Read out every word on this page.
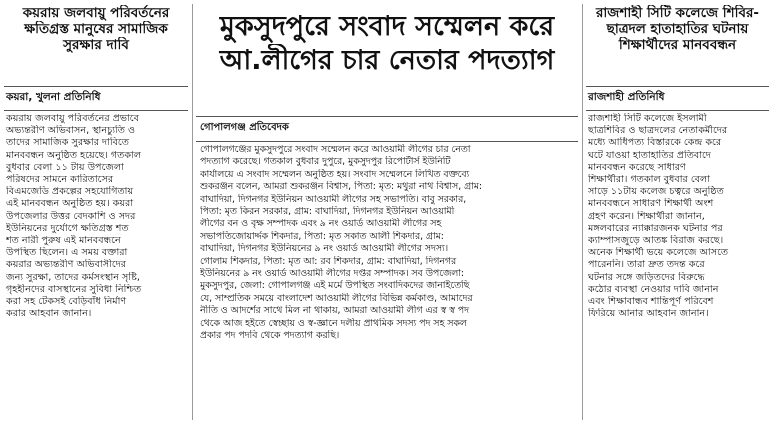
কয়রায় জলবায়ু পরিবর্তনের
ক্ষতিগ্রস্ত মানুষের সামাজিক
সুরক্ষার দাবি
কয়রা, খুলনা প্রতিনিধি
কয়রায় জলবায়ু পরিবর্তনের প্রভাবে
অভ্যন্তরীণ অভিবাসন, স্থানচ্যুতি ও
তাদের সামাজিক সুরক্ষার দাবিতে
মানববন্ধন অনুষ্ঠিত হয়েছে। গতকাল
বুধবার বেলা ১১ টায় উপজেলা
পরিষদের সামনে কারিতাসের
বিএমজেডি প্রকল্পের সহযোগিতায়
এই মানববন্ধন অনুষ্ঠিত হয়। কয়রা
উপজেলার উত্তর বেদকাশি ও সদর
ইউনিয়নের দুর্যোগে ক্ষতিগ্রস্ত শত
শত নারী পুরুষ এই মানববন্ধনে
উপস্থিত ছিলেন। এ সময় বক্তারা
কয়রার অভ্যন্তরীণ অভিবাসীদের
জন্য সুরক্ষা, তাদের কর্মসংস্থান সৃষ্টি,
গৃহহীনদের বাসস্থানের সুবিধা নিশ্চিত
করা সহ টেকসই বেড়িবাঁধ নির্মাণ
করার আহবান জানান।
মুকসুদপুরে সংবাদ সম্মেলন করে
আ.লীগের চার নেতার পদত্যাগ
গোপালগঞ্জ প্রতিবেদক
গোপালগঞ্জের মুকসুদপুরে সংবাদ সম্মেলন করে আওয়ামী লীগের চার নেতা
পদত্যাগ করেছে। গতকাল বুধবার দুপুরে, মুকসুদপুর রিপোর্টার্স ইউনিটি
কার্যালয়ে এ সংবাদ সম্মেলন অনুষ্ঠিত হয়। সংবাদ সম্মেলনে লিখিত বক্তব্যে
শুকরঞ্জন বলেন, আমরা শুকরঞ্জন বিশ্বাস, পিতা: মৃত: মথুরা নাথ বিশ্বাস, গ্রাম:
বাঘাদিয়া, দিগনগর ইউনিয়ন আওয়ামী লীগের সহ সভাপতি। বাবু সরকার,
পিতা: মৃত কিরন সরকার, গ্রাম: বাঘাদিয়া, দিগনগর ইউনিয়ন আওয়ামী
লীগের বন ও বৃক্ষ সম্পাদক এবং ৯ নং ওয়ার্ড আওয়ামী লীগের সহ
সভাপতিজোয়ার্দ্দক শিকদার, পিতা: মৃত সকাত আলী শিকদার, গ্রাম:
বাঘাদিয়া, দিগনগর ইউনিয়নের ৯ নং ওয়ার্ড আওয়ামী লীগের সদস্য।
গোলাম শিকদার, পিতা: মৃত আ: রব শিকদার, গ্রাম: বাঘাদিয়া, দিগনগর
ইউনিয়নের ৯ নং ওয়ার্ড আওয়ামী লীগের দপ্তর সম্পাদক। সব উপজেলা:
মুকসুদপুর, জেলা: গোপালগঞ্জ এই মর্মে উপস্থিত সংবাদিকদের জানাইতেছি
যে, সাম্প্রতিক সময়ে বাংলাদেশ আওয়ামী লীগের বিভিন্ন কর্মকাণ্ড, আমাদের
নীতি ও আদর্শের সাথে মিল না থাকায়, আমরা আওয়ামী লীগ এর স্ব স্ব পদ
থেকে আজ হইতে স্বেচ্ছায় ও স্ব-জ্ঞানে দলীয় প্রাথমিক সদস্য পদ সহ সকল
প্রকার পদ পদবি থেকে পদত্যাগ করছি।
রাজশাহী সিটি কলেজে শিবির-
ছাত্রদল হাতাহাতির ঘটনায়
শিক্ষার্থীদের মানববন্ধন
রাজশাহী প্রতিনিধি
রাজশাহী সিটি কলেজে ইসলামী
ছাত্রশিবির ও ছাত্রদলের নেতাকর্মীদের
মধ্যে আধিপত্য বিস্তারকে কেন্দ্র করে
ঘটে যাওয়া হাতাহাতির প্রতিবাদে
মানববন্ধন করেছে সাধারণ
শিক্ষার্থীরা। গতকাল বুধবার বেলা
সাড়ে ১১টায় কলেজ চত্বরে অনুষ্ঠিত
মানববন্ধনে সাধারণ শিক্ষার্থী অংশ
গ্রহণ করেন। শিক্ষার্থীরা জানান,
মঙ্গলবারের ন্যাক্কারজনক ঘটনার পর
ক্যাম্পাসজুড়ে আতঙ্ক বিরাজ করছে।
অনেক শিক্ষার্থী ভয়ে কলেজে আসতে
পারেননি। তারা দ্রুত তদন্ত করে
ঘটনার সঙ্গে জড়িতদের বিরুদ্ধে
কঠোর ব্যবস্থা নেওয়ার দাবি জানান
এবং শিক্ষাবান্ধব শান্তিপূর্ণ পরিবেশ
ফিরিয়ে আনার আহবান জানান।
